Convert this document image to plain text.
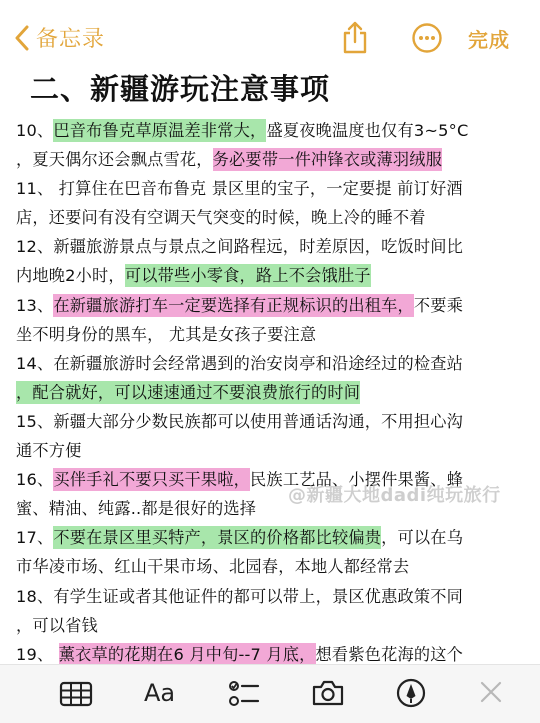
备忘录	完成
二、新疆游玩注意事项
10、巴音布鲁克草原温差非常大，盛夏夜晚温度也仅有3~5°C
，夏天偶尔还会飘点雪花，务必要带一件冲锋衣或薄羽绒服
11、 打算住在巴音布鲁克 景区里的宝子，一定要提 前订好酒
店，还要问有没有空调天气突变的时候，晚上冷的睡不着
12、新疆旅游景点与景点之间路程远，时差原因，吃饭时间比
内地晚2小时，可以带些小零食，路上不会饿肚子
13、在新疆旅游打车一定要选择有正规标识的出租车，不要乘
坐不明身份的黑车， 尤其是女孩子要注意
14、在新疆旅游时会经常遇到的治安岗亭和沿途经过的检查站
，配合就好，可以速速通过不要浪费旅行的时间
15、新疆大部分少数民族都可以使用普通话沟通，不用担心沟
通不方便
16、买伴手礼不要只买干果啦，民族工艺品、小摆件果酱、蜂
蜜、精油、纯露..都是很好的选择
17、不要在景区里买特产，景区的价格都比较偏贵，可以在乌
市华凌市场、红山干果市场、北园春，本地人都经常去
18、有学生证或者其他证件的都可以带上，景区优惠政策不同
，可以省钱
19、 薰衣草的花期在6 月中旬--7 月底，想看紫色花海的这个
@新疆大地dadi纯玩旅行
Aa
